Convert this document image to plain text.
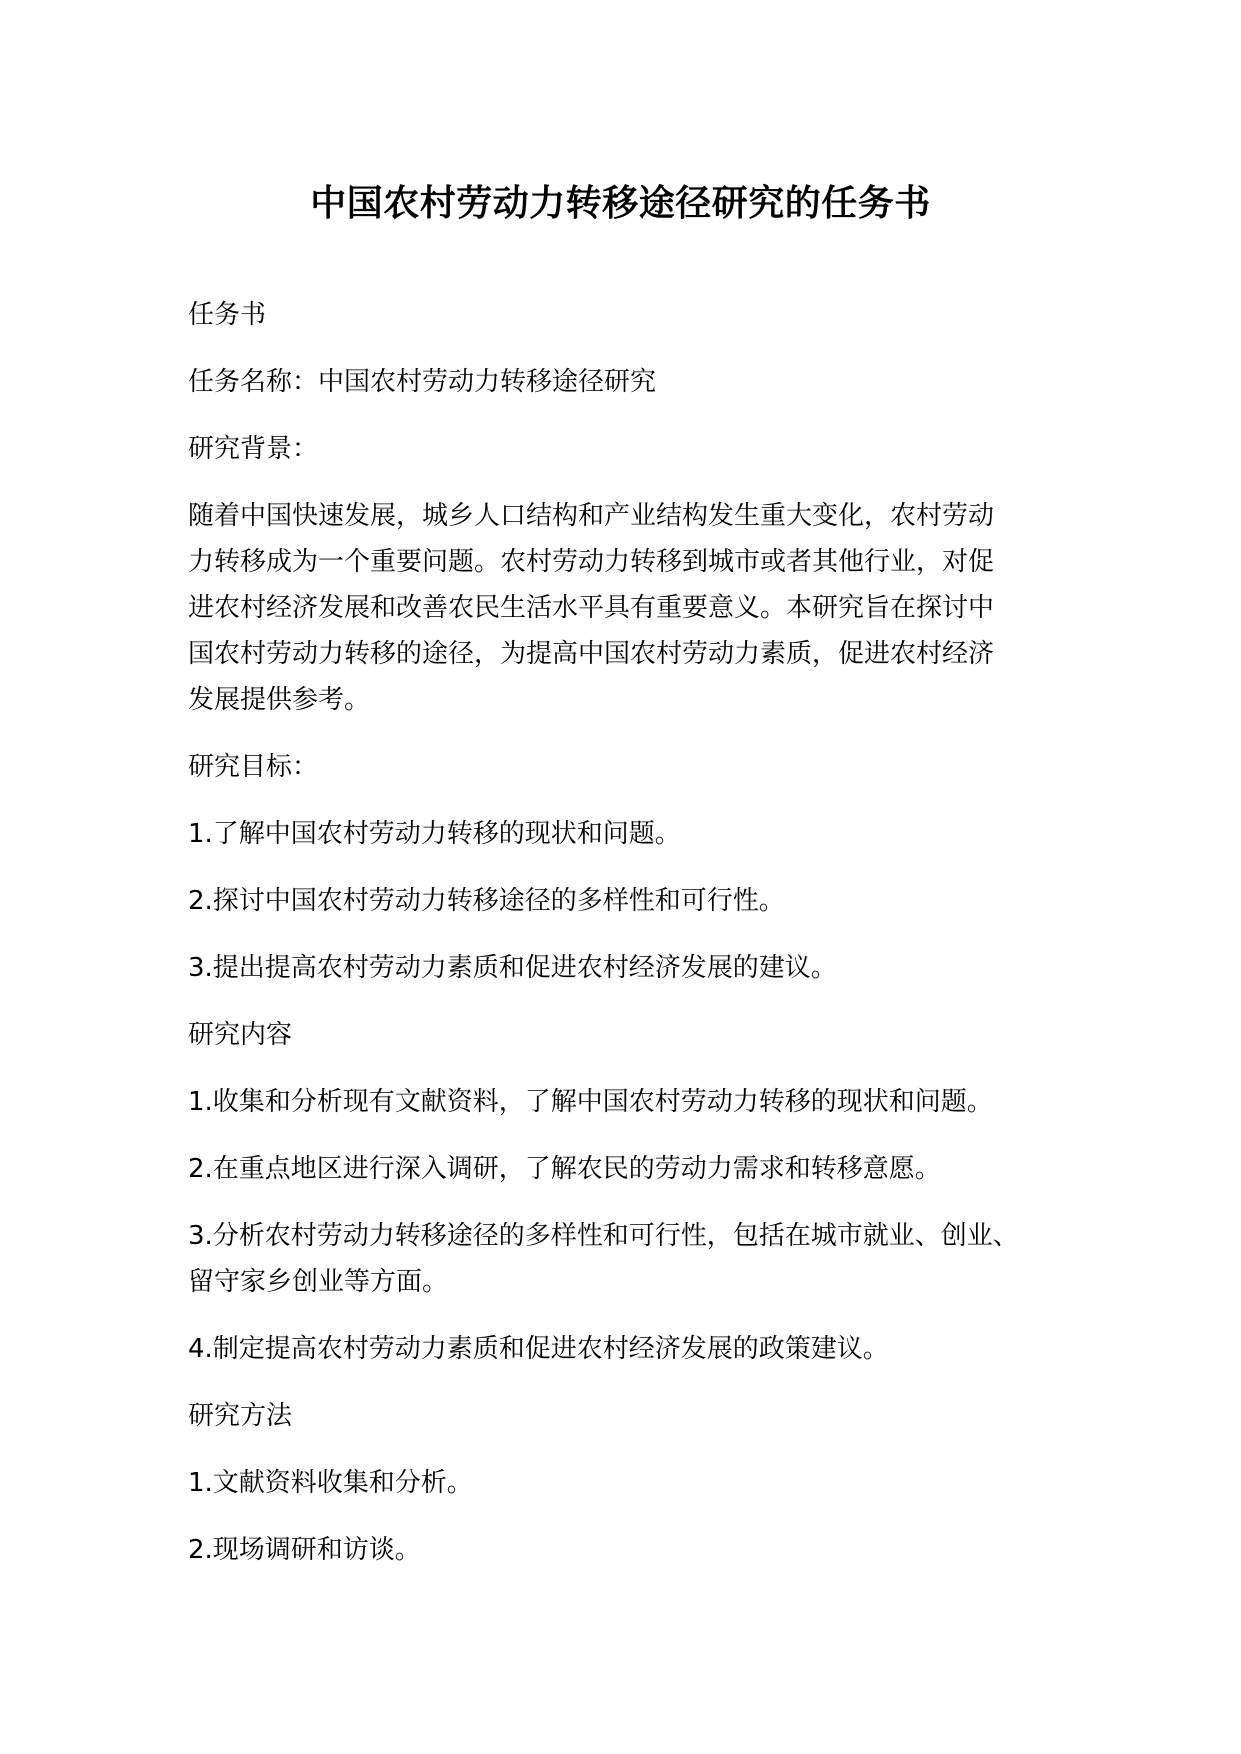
中国农村劳动力转移途径研究的任务书

任务书

任务名称：中国农村劳动力转移途径研究

研究背景：

随着中国快速发展，城乡人口结构和产业结构发生重大变化，农村劳动
力转移成为一个重要问题。农村劳动力转移到城市或者其他行业，对促
进农村经济发展和改善农民生活水平具有重要意义。本研究旨在探讨中
国农村劳动力转移的途径，为提高中国农村劳动力素质，促进农村经济
发展提供参考。

研究目标：

1.了解中国农村劳动力转移的现状和问题。

2.探讨中国农村劳动力转移途径的多样性和可行性。

3.提出提高农村劳动力素质和促进农村经济发展的建议。

研究内容

1.收集和分析现有文献资料，了解中国农村劳动力转移的现状和问题。

2.在重点地区进行深入调研，了解农民的劳动力需求和转移意愿。

3.分析农村劳动力转移途径的多样性和可行性，包括在城市就业、创业、
留守家乡创业等方面。

4.制定提高农村劳动力素质和促进农村经济发展的政策建议。

研究方法

1.文献资料收集和分析。

2.现场调研和访谈。
